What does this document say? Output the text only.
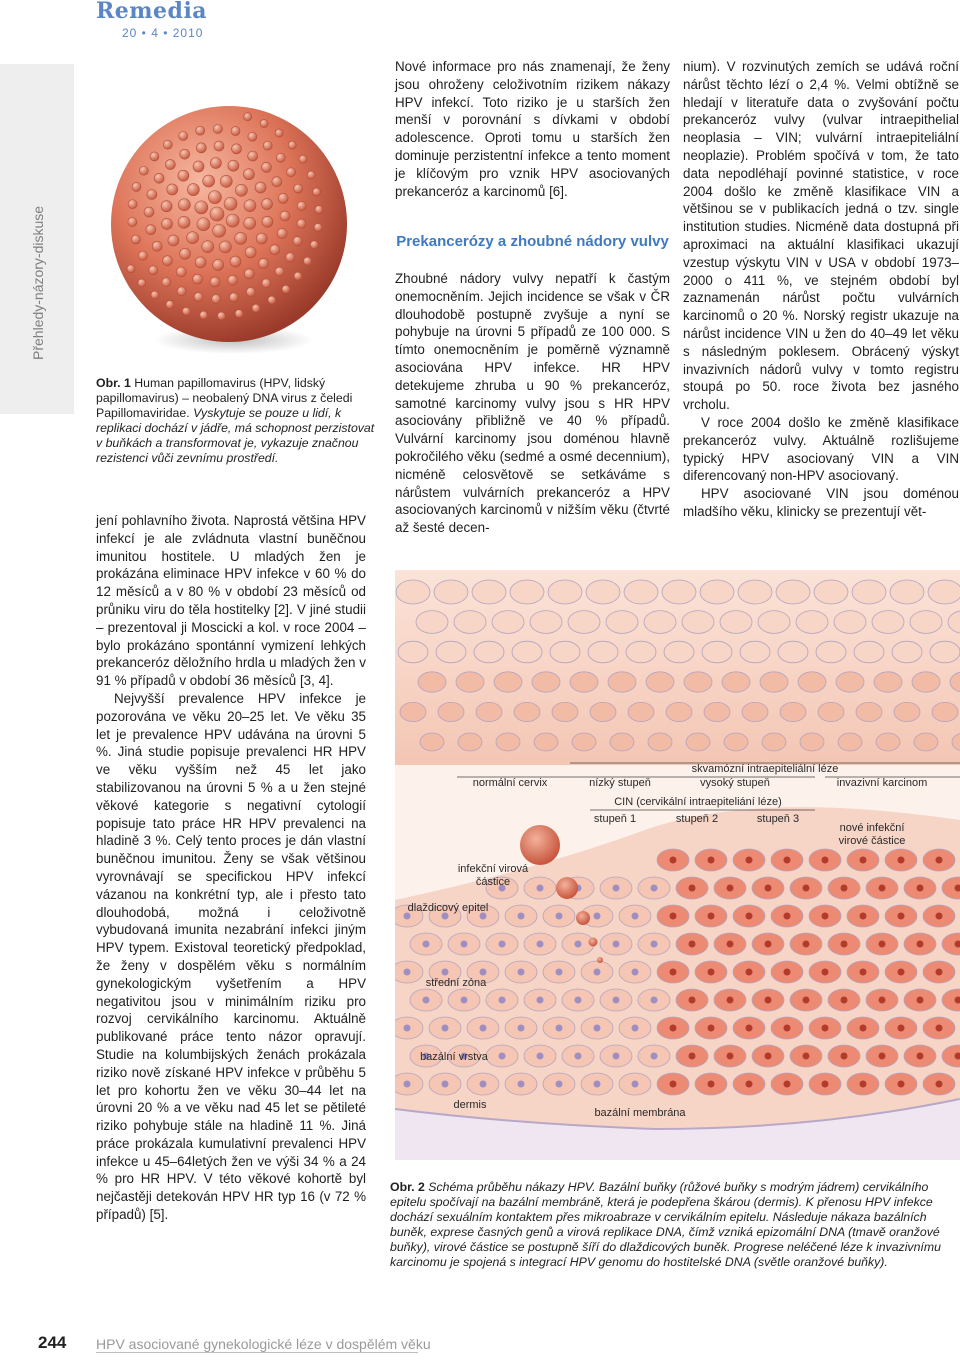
Remedia
20 • 4 • 2010
Přehledy-názory-diskuse
Obr. 1 Human papillomavirus (HPV, lidský papillomavirus) – neobalený DNA virus z čeledi Papillomaviridae. Vyskytuje se pouze u lidí, k replikaci dochází v jádře, má schopnost perzistovat v buňkách a transformovat je, vykazuje značnou rezistenci vůči zevnímu prostředí.

jení pohlavního života. Naprostá většina HPV infekcí je ale zvládnuta vlastní buněčnou imunitou hostitele. U mladých žen je prokázána eliminace HPV infekce v 60 % do 12 měsíců a v 80 % v období 23 měsíců od průniku viru do těla hostitelky [2]. V jiné studii – prezentoval ji Moscicki a kol. v roce 2004 – bylo prokázáno spontánní vymizení lehkých prekanceróz děložního hrdla u mladých žen v 91 % případů v období 36 měsíců [3, 4].

Nejvyšší prevalence HPV infekce je pozorována ve věku 20–25 let. Ve věku 35 let je prevalence HPV udávána na úrovni 5 %. Jiná studie popisuje prevalenci HR HPV ve věku vyšším než 45 let jako stabilizovanou na úrovni 5 % a u žen stejné věkové kategorie s negativní cytologií popisuje tato práce HR HPV prevalenci na hladině 3 %. Celý tento proces je dán vlastní buněčnou imunitou. Ženy se však většinou vyrovnávají se specifickou HPV infekcí vázanou na konkrétní typ, ale i přesto tato dlouhodobá, možná i celoživotně vybudovaná imunita nezabrání infekci jiným HPV typem. Existoval teoretický předpoklad, že ženy v dospělém věku s normálním gynekologickým vyšetřením a HPV negativitou jsou v minimálním riziku pro rozvoj cervikálního karcinomu. Aktuálně publikované práce tento názor opravují. Studie na kolumbijských ženách prokázala riziko nově získané HPV infekce v průběhu 5 let pro kohortu žen ve věku 30–44 let na úrovni 20 % a ve věku nad 45 let se pětileté riziko pohybuje stále na hladině 11 %. Jiná práce prokázala kumulativní prevalenci HPV infekce u 45–64letých žen ve výši 34 % a 24 % pro HR HPV. V této věkové kohortě byl nejčastěji detekován HPV HR typ 16 (v 72 % případů) [5].

Nové informace pro nás znamenají, že ženy jsou ohroženy celoživotním rizikem nákazy HPV infekcí. Toto riziko je u starších žen menší v porovnání s dívkami v období adolescence. Oproti tomu u starších žen dominuje perzistentní infekce a tento moment je klíčovým pro vznik HPV asociovaných prekanceróz a karcinomů [6].

Prekancerózy a zhoubné nádory vulvy

Zhoubné nádory vulvy nepatří k častým onemocněním. Jejich incidence se však v ČR dlouhodobě postupně zvyšuje a nyní se pohybuje na úrovni 5 případů ze 100 000. S tímto onemocněním je poměrně významně asociována HPV infekce. HR HPV detekujeme zhruba u 90 % prekanceróz, samotné karcinomy vulvy jsou s HR HPV asociovány přibližně ve 40 % případů. Vulvární karcinomy jsou doménou hlavně pokročilého věku (sedmé a osmé decennium), nicméně celosvětově se setkáváme s nárůstem vulvárních prekanceróz a HPV asociovaných karcinomů v nižším věku (čtvrté až šesté decen-

nium). V rozvinutých zemích se udává roční nárůst těchto lézí o 2,4 %. Velmi obtížně se hledají v literatuře data o zvyšování počtu prekanceróz vulvy (vulvar intraepithelial neoplasia – VIN; vulvární intraepiteliální neoplazie). Problém spočívá v tom, že tato data nepodléhají povinné statistice, v roce 2004 došlo ke změně klasifikace VIN a většinou se v publikacích jedná o tzv. single institution studies. Nicméně data dostupná při aproximaci na aktuální klasifikaci ukazují vzestup výskytu VIN v USA v období 1973–2000 o 411 %, ve stejném období byl zaznamenán nárůst počtu vulvárních karcinomů o 20 %. Norský registr ukazuje na nárůst incidence VIN u žen do 40–49 let věku s následným poklesem. Obrácený výskyt invazivních nádorů vulvy v tomto registru stoupá po 50. roce života bez jasného vrcholu.

V roce 2004 došlo ke změně klasifikace prekanceróz vulvy. Aktuálně rozlišujeme typický HPV asociovaný VIN a VIN diferencovaný non-HPV asociovaný.

HPV asociované VIN jsou doménou mladšího věku, klinicky se prezentují vět-

skvamózní intraepiteliální léze
normální cervix	nízký stupeň	vysoký stupeň	invazivní karcinom
CIN (cervikální intraepiteliání léze)
stupeň 1	stupeň 2	stupeň 3
nové infekční
virové částice
infekční virová
částice
dlaždicový epitel
střední zóna
bazální vrstva
dermis
bazální membrána
Obr. 2 Schéma průběhu nákazy HPV. Bazální buňky (růžové buňky s modrým jádrem) cervikálního epitelu spočívají na bazální membráně, která je podepřena škárou (dermis). K přenosu HPV infekce dochází sexuálním kontaktem přes mikroabraze v cervikálním epitelu. Následuje nákaza bazálních buněk, exprese časných genů a virová replikace DNA, čímž vzniká epizomální DNA (tmavě oranžové buňky), virové částice se postupně šíří do dlaždicových buněk. Progrese neléčené léze k invazivnímu karcinomu je spojená s integrací HPV genomu do hostitelské DNA (světle oranžové buňky).
244 HPV asociované gynekologické léze v dospělém věku
